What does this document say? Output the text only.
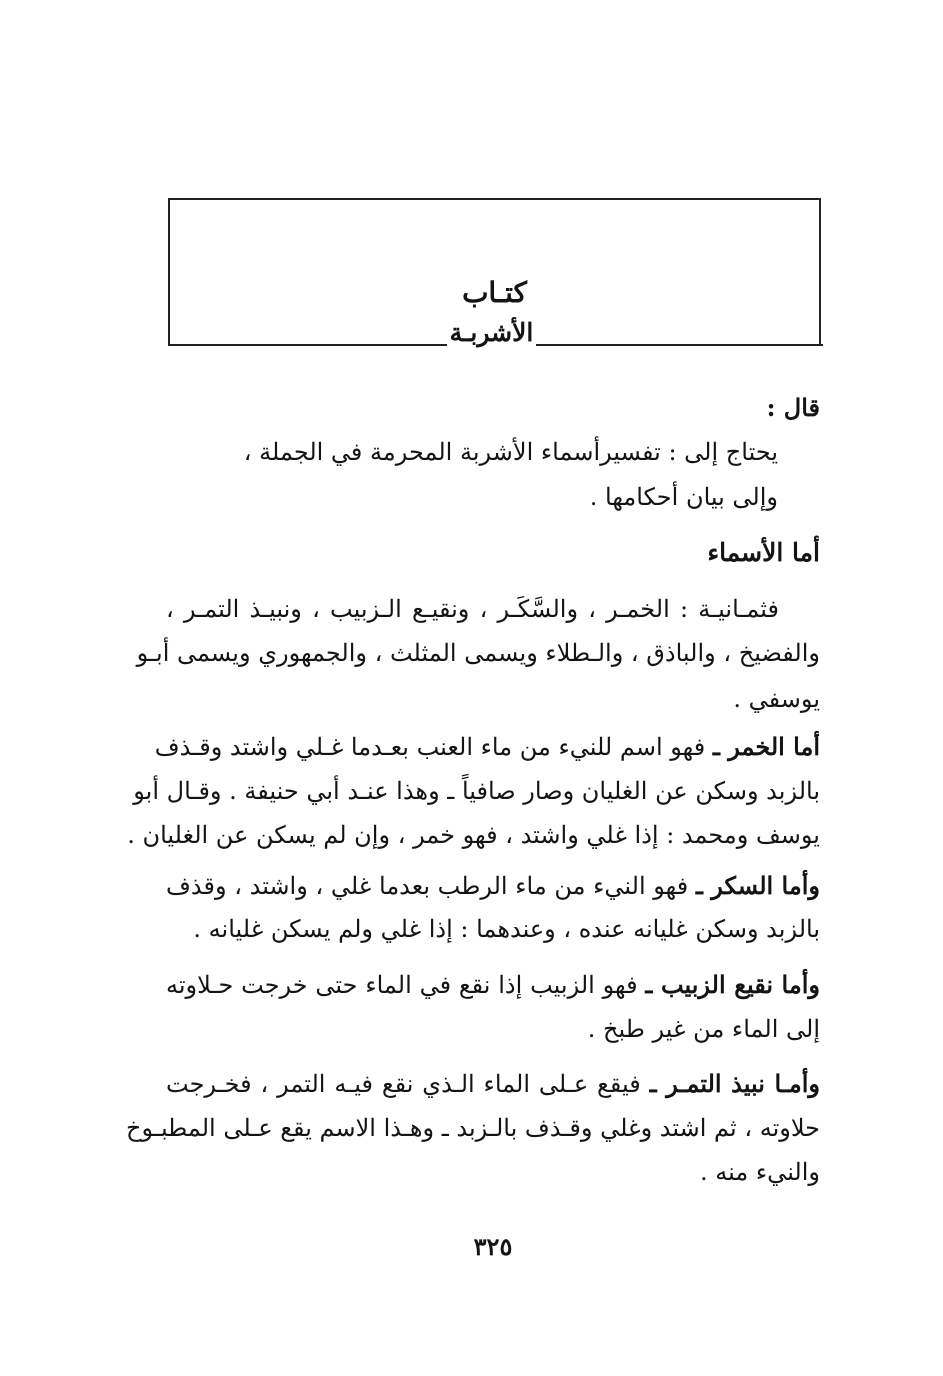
كتـاب
الأشربـة
قال :
يحتاج إلى : تفسيرأسماء الأشربة المحرمة في الجملة ،
وإلى بيان أحكامها .
أما الأسماء
فثمـانيـة : الخمـر ، والسَّكَـر ، ونقيـع الـزبيب ، ونبيـذ التمـر ،
والفضيخ ، والباذق ، والـطلاء ويسمى المثلث ، والجمهوري ويسمى أبـو
يوسفي .
أما الخمر ـ فهو اسم للنيء من ماء العنب بعـدما غـلي واشتد وقـذف
بالزبد وسكن عن الغليان وصار صافياً ـ وهذا عنـد أبي حنيفة . وقـال أبو
يوسف ومحمد : إذا غلي واشتد ، فهو خمر ، وإن لم يسكن عن الغليان .
وأما السكر ـ فهو النيء من ماء الرطب بعدما غلي ، واشتد ، وقذف
بالزبد وسكن غليانه عنده ، وعندهما : إذا غلي ولم يسكن غليانه .
وأما نقيع الزبيب ـ فهو الزبيب إذا نقع في الماء حتى خرجت حـلاوته
إلى الماء من غير طبخ .
وأمـا نبيذ التمـر ـ فيقع عـلى الماء الـذي نقع فيـه التمر ، فخـرجت
حلاوته ، ثم اشتد وغلي وقـذف بالـزبد ـ وهـذا الاسم يقع عـلى المطبـوخ
والنيء منه .
٣٢٥
